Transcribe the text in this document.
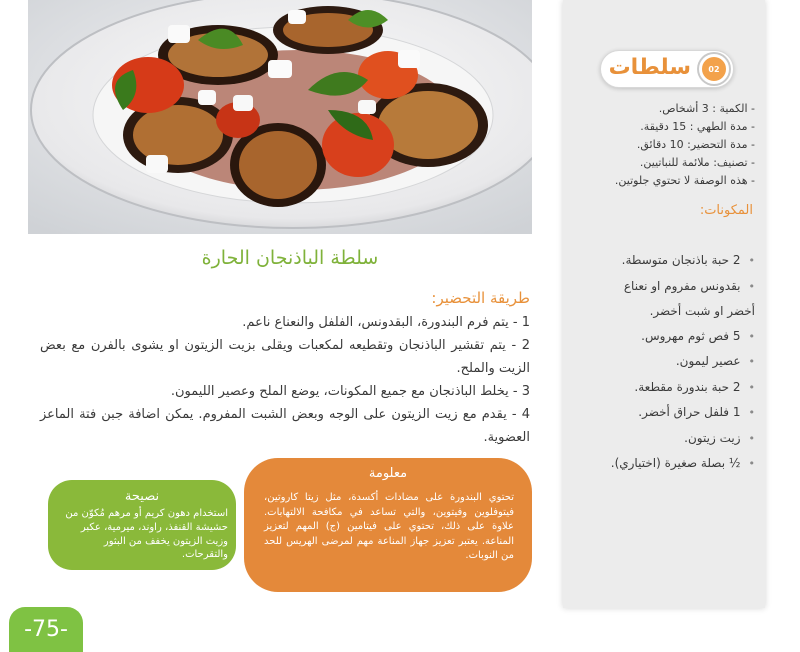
سلطة الباذنجان الحارة
طريقة التحضير:

1 - يتم فرم البندورة، البقدونس، الفلفل والنعناع ناعم.

2 - يتم تقشير الباذنجان وتقطيعه لمكعبات ويقلى بزيت الزيتون او يشوى بالفرن مع بعض الزيت والملح.

3 - يخلط الباذنجان مع جميع المكونات، يوضع الملح وعصير الليمون.

4 - يقدم مع زيت الزيتون على الوجه وبعض الشبت المفروم. يمكن اضافة جبن فتة الماعز العضوية.

معلومة
تحتوي البندورة على مضادات أكسدة، مثل زيتا كاروتين، فيتوفلوين وفيتوين، والتي تساعد في مكافحة الالتهابات. علاوة على ذلك، تحتوي على فيتامين (ج) المهم لتعزيز المناعة. يعتبر تعزيز جهاز المناعة مهم لمرضى الهريس للحد من النوبات.
نصيحة
استخدام دهون كريم أو مرهم مُكوّن من حشيشة القنفذ، راوند، ميرمية، عكبر وزيت الزيتون يخفف من البثور والتقرحات.
سلطات	02
- الكمية : 3 أشخاص.
- مدة الطهي : 15 دقيقة.
- مدة التحضير: 10 دقائق.
- تصنيف: ملائمة للنباتيين.
- هذه الوصفة لا تحتوي جلوتين.
المكونات:
•2 حبة باذنجان متوسطة.
•بقدونس مفروم او نعناع
أخضر او شبت أخضر.
•5 فص ثوم مهروس.
•عصير ليمون.
•2 حبة بندورة مقطعة.
•1 فلفل حراق أخضر.
•زيت زيتون.
•½ بصلة صغيرة (اختياري).
-75-
